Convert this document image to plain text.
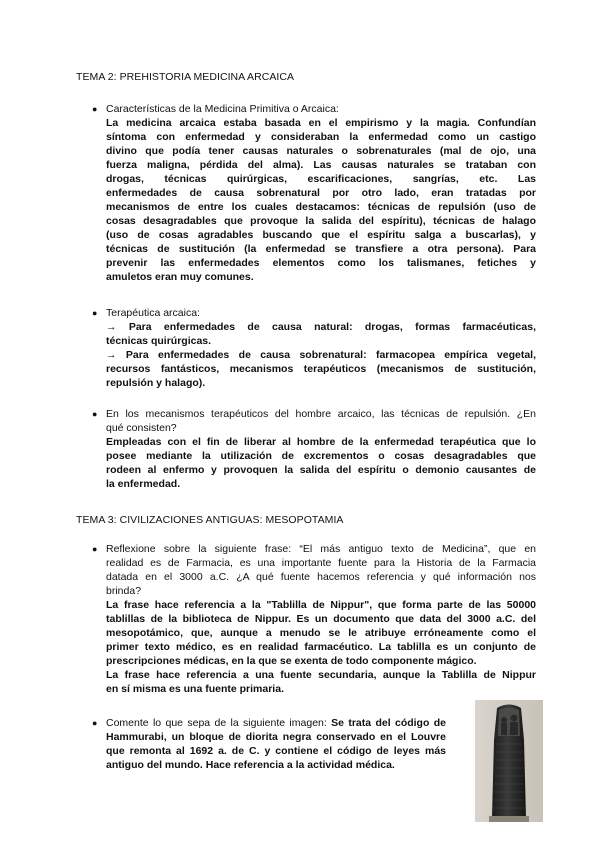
TEMA 2: PREHISTORIA MEDICINA ARCAICA
● Características de la Medicina Primitiva o Arcaica:
La medicina arcaica estaba basada en el empirismo y la magia. Confundían
síntoma con enfermedad y consideraban la enfermedad como un castigo
divino que podía tener causas naturales o sobrenaturales (mal de ojo, una
fuerza maligna, pérdida del alma). Las causas naturales se trataban con
drogas, técnicas quirúrgicas, escarificaciones, sangrías, etc. Las
enfermedades de causa sobrenatural por otro lado, eran tratadas por
mecanismos de entre los cuales destacamos: técnicas de repulsión (uso de
cosas desagradables que provoque la salida del espíritu), técnicas de halago
(uso de cosas agradables buscando que el espíritu salga a buscarlas), y
técnicas de sustitución (la enfermedad se transfiere a otra persona). Para
prevenir las enfermedades elementos como los talismanes, fetiches y
amuletos eran muy comunes.
● Terapéutica arcaica:
→ Para enfermedades de causa natural: drogas, formas farmacéuticas,
técnicas quirúrgicas.
→ Para enfermedades de causa sobrenatural: farmacopea empírica vegetal,
recursos fantásticos, mecanismos terapéuticos (mecanismos de sustitución,
repulsión y halago).
● En los mecanismos terapéuticos del hombre arcaico, las técnicas de repulsión. ¿En
qué consisten?
Empleadas con el fin de liberar al hombre de la enfermedad terapéutica que lo
posee mediante la utilización de excrementos o cosas desagradables que
rodeen al enfermo y provoquen la salida del espíritu o demonio causantes de
la enfermedad.
TEMA 3: CIVILIZACIONES ANTIGUAS: MESOPOTAMIA
● Reflexione sobre la siguiente frase: “El más antiguo texto de Medicina”, que en
realidad es de Farmacia, es una importante fuente para la Historia de la Farmacia
datada en el 3000 a.C. ¿A qué fuente hacemos referencia y qué información nos
brinda?
La frase hace referencia a la "Tablilla de Nippur", que forma parte de las 50000
tablillas de la biblioteca de Nippur. Es un documento que data del 3000 a.C. del
mesopotámico, que, aunque a menudo se le atribuye erróneamente como el
primer texto médico, es en realidad farmacéutico. La tablilla es un conjunto de
prescripciones médicas, en la que se exenta de todo componente mágico.
La frase hace referencia a una fuente secundaria, aunque la Tablilla de Nippur
en sí misma es una fuente primaria.
● Comente lo que sepa de la siguiente imagen: Se trata del código de
Hammurabi, un bloque de diorita negra conservado en el Louvre
que remonta al 1692 a. de C. y contiene el código de leyes más
antiguo del mundo. Hace referencia a la actividad médica.
